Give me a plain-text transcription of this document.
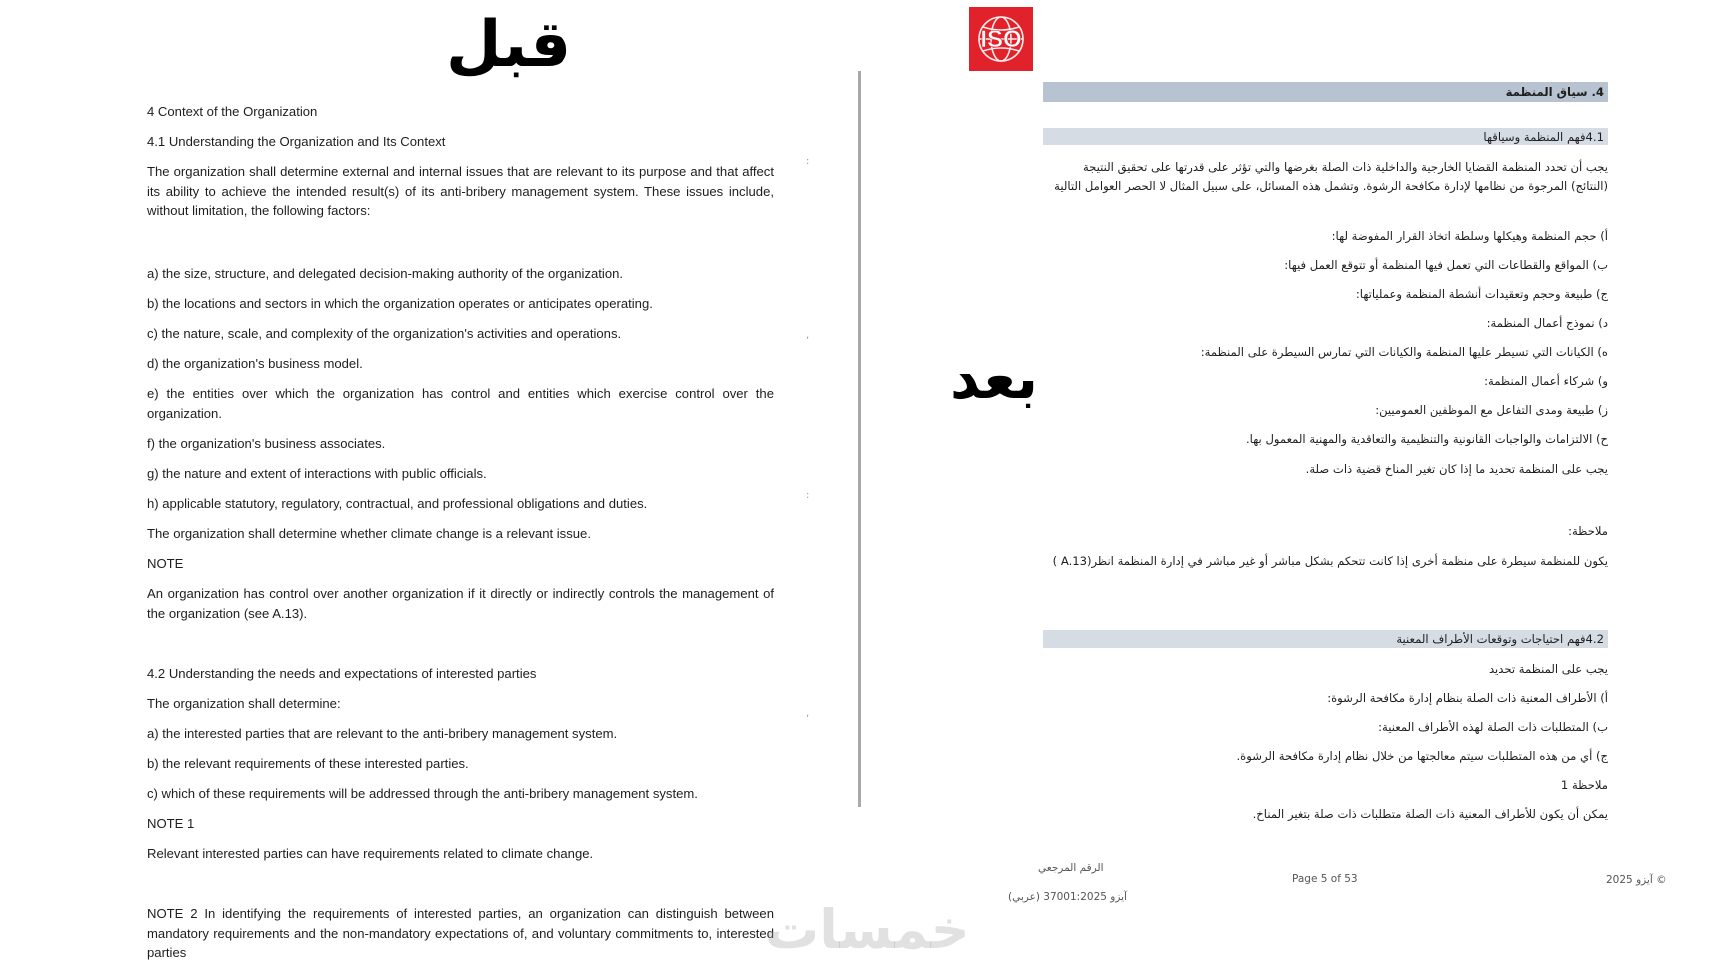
قبل
بعد
ISO
:
,
:
,

4 Context of the Organization

4.1 Understanding the Organization and Its Context

The organization shall determine external and internal issues that are relevant to its purpose and that affect its ability to achieve the intended result(s) of its anti-bribery management system. These issues include, without limitation, the following factors:

a) the size, structure, and delegated decision-making authority of the organization.

b) the locations and sectors in which the organization operates or anticipates operating.

c) the nature, scale, and complexity of the organization's activities and operations.

d) the organization's business model.

e) the entities over which the organization has control and entities which exercise control over the organization.

f) the organization's business associates.

g) the nature and extent of interactions with public officials.

h) applicable statutory, regulatory, contractual, and professional obligations and duties.

The organization shall determine whether climate change is a relevant issue.

NOTE

An organization has control over another organization if it directly or indirectly controls the management of the organization (see A.13).

4.2 Understanding the needs and expectations of interested parties

The organization shall determine:

a) the interested parties that are relevant to the anti-bribery management system.

b) the relevant requirements of these interested parties.

c) which of these requirements will be addressed through the anti-bribery management system.

NOTE 1

Relevant interested parties can have requirements related to climate change.

NOTE 2 In identifying the requirements of interested parties, an organization can distinguish between mandatory requirements and the non-mandatory expectations of, and voluntary commitments to, interested parties

4. سياق المنظمة
4.1فهم المنظمة وسياقها
يجب أن تحدد المنظمة القضايا الخارجية والداخلية ذات الصلة بغرضها والتي تؤثر على قدرتها على تحقيق النتيجة (النتائج) المرجوة من نظامها لإدارة مكافحة الرشوة. وتشمل هذه المسائل، على سبيل المثال لا الحصر العوامل التالية
أ) حجم المنظمة وهيكلها وسلطة اتخاذ القرار المفوضة لها:
ب) المواقع والقطاعات التي تعمل فيها المنظمة أو تتوقع العمل فيها:
ج) طبيعة وحجم وتعقيدات أنشطة المنظمة وعملياتها:
د) نموذج أعمال المنظمة:
ه) الكيانات التي تسيطر عليها المنظمة والكيانات التي تمارس السيطرة على المنظمة:
و) شركاء أعمال المنظمة:
ز) طبيعة ومدى التفاعل مع الموظفين العموميين:
ح) الالتزامات والواجبات القانونية والتنظيمية والتعاقدية والمهنية المعمول بها.
يجب على المنظمة تحديد ما إذا كان تغير المناخ قضية ذات صلة.
ملاحظة:
يكون للمنظمة سيطرة على منظمة أخرى إذا كانت تتحكم بشكل مباشر أو غير مباشر في إدارة المنظمة انظر(A.13 )
4.2فهم احتياجات وتوقعات الأطراف المعنية
يجب على المنظمة تحديد
أ) الأطراف المعنية ذات الصلة بنظام إدارة مكافحة الرشوة:
ب) المتطلبات ذات الصلة لهذه الأطراف المعنية:
ج) أي من هذه المتطلبات سيتم معالجتها من خلال نظام إدارة مكافحة الرشوة.
ملاحظة 1
يمكن أن يكون للأطراف المعنية ذات الصلة متطلبات ذات صلة بتغير المناخ.
الرقم المرجعي
آيزو 37001:2025 (عربي)
Page 5 of 53	© آيزو 2025
خمسات
